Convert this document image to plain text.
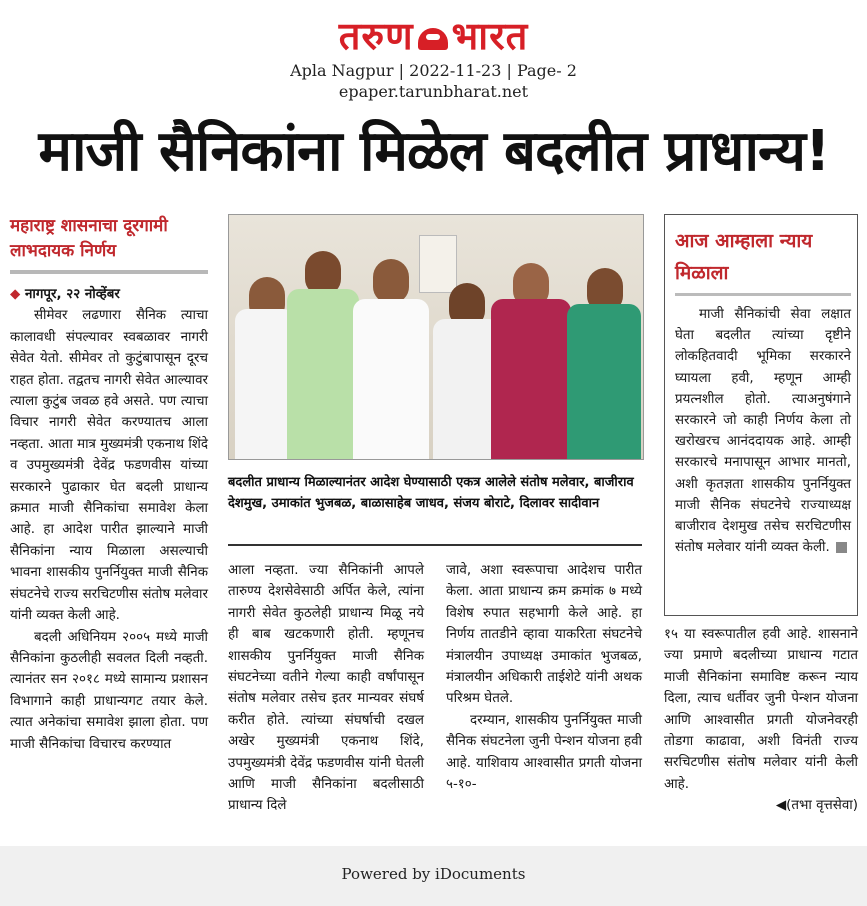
तरुण भारत
Apla Nagpur | 2022-11-23 | Page- 2
epaper.tarunbharat.net
माजी सैनिकांना मिळेल बदलीत प्राधान्य!
महाराष्ट्र शासनाचा दूरगामी लाभदायक निर्णय

◆ नागपूर, २२ नोव्हेंबर

सीमेवर लढणारा सैनिक त्याचा कालावधी संपल्यावर स्वबळावर नागरी सेवेत येतो. सीमेवर तो कुटुंबापासून दूरच राहत होता. तद्वतच नागरी सेवेत आल्यावर त्याला कुटुंब जवळ हवे असते. पण त्याचा विचार नागरी सेवेत करण्यातच आला नव्हता. आता मात्र मुख्यमंत्री एकनाथ शिंदे व उपमुख्यमंत्री देवेंद्र फडणवीस यांच्या सरकारने पुढाकार घेत बदली प्राधान्य क्रमात माजी सैनिकांचा समावेश केला आहे. हा आदेश पारीत झाल्याने माजी सैनिकांना न्याय मिळाला असल्याची भावना शासकीय पुनर्नियुक्त माजी सैनिक संघटनेचे राज्य सरचिटणीस संतोष मलेवार यांनी व्यक्त केली आहे.

बदली अधिनियम २००५ मध्ये माजी सैनिकांना कुठलीही सवलत दिली नव्हती. त्यानंतर सन २०१८ मध्ये सामान्य प्रशासन विभागाने काही प्राधान्यगट तयार केले. त्यात अनेकांचा समावेश झाला होता. पण माजी सैनिकांचा विचारच करण्यात

बदलीत प्राधान्य मिळाल्यानंतर आदेश घेण्यासाठी एकत्र आलेले संतोष मलेवार, बाजीराव देशमुख, उमाकांत भुजबळ, बाळासाहेब जाधव, संजय बोराटे, दिलावर सादीवान

आला नव्हता. ज्या सैनिकांनी आपले तारुण्य देशसेवेसाठी अर्पित केले, त्यांना नागरी सेवेत कुठलेही प्राधान्य मिळू नये ही बाब खटकणारी होती. म्हणूनच शासकीय पुनर्नियुक्त माजी सैनिक संघटनेच्या वतीने गेल्या काही वर्षांपासून संतोष मलेवार तसेच इतर मान्यवर संघर्ष करीत होते. त्यांच्या संघर्षाची दखल अखेर मुख्यमंत्री एकनाथ शिंदे, उपमुख्यमंत्री देवेंद्र फडणवीस यांनी घेतली आणि माजी सैनिकांना बदलीसाठी प्राधान्य दिले

जावे, अशा स्वरूपाचा आदेशच पारीत केला. आता प्राधान्य क्रम क्रमांक ७ मध्ये विशेष रुपात सहभागी केले आहे. हा निर्णय तातडीने व्हावा याकरिता संघटनेचे मंत्रालयीन उपाध्यक्ष उमाकांत भुजबळ, मंत्रालयीन अधिकारी ताईशेटे यांनी अथक परिश्रम घेतले.

दरम्यान, शासकीय पुनर्नियुक्त माजी सैनिक संघटनेला जुनी पेन्शन योजना हवी आहे. याशिवाय आश्वासीत प्रगती योजना ५-१०-

आज आम्हाला न्याय मिळाला
माजी सैनिकांची सेवा लक्षात घेता बदलीत त्यांच्या दृष्टीने लोकहितवादी भूमिका सरकारने घ्यायला हवी, म्हणून आम्ही प्रयत्नशील होतो. त्याअनुषंगाने सरकारने जो काही निर्णय केला तो खरोखरच आनंददायक आहे. आम्ही सरकारचे मनापासून आभार मानतो, अशी कृतज्ञता शासकीय पुनर्नियुक्त माजी सैनिक संघटनेचे राज्याध्यक्ष बाजीराव देशमुख तसेच सरचिटणीस संतोष मलेवार यांनी व्यक्त केली.

१५ या स्वरूपातील हवी आहे. शासनाने ज्या प्रमाणे बदलीच्या प्राधान्य गटात माजी सैनिकांना समाविष्ट करून न्याय दिला, त्याच धर्तीवर जुनी पेन्शन योजना आणि आश्वासीत प्रगती योजनेवरही तोडगा काढावा, अशी विनंती राज्य सरचिटणीस संतोष मलेवार यांनी केली आहे.

◀(तभा वृत्तसेवा)

Powered by iDocuments
